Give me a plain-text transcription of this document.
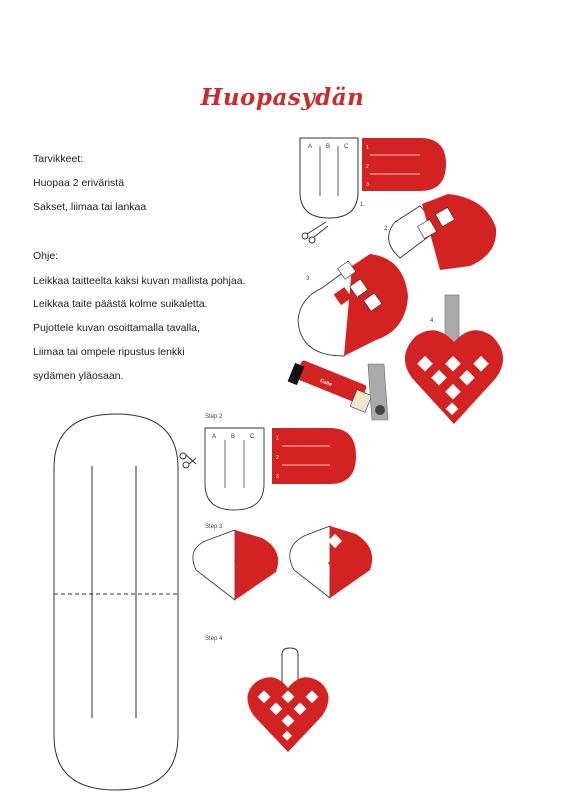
Huopasydän
Tarvikkeet:
Huopaa 2 eriväristä
Sakset, liimaa tai lankaa
Ohje:
Leikkaa taitteelta kaksi kuvan mallista pohjaa.
Leikkaa taite päästä kolme suikaletta.
Pujottele kuvan osoittamalla tavalla,
Liimaa tai ompele ripustus lenkki
sydämen yläosaan.
A B C
1.
1
2
3
2.
3.
4.
Colle
Step 2
A B C	1
2
3
Step 3
Step 4
